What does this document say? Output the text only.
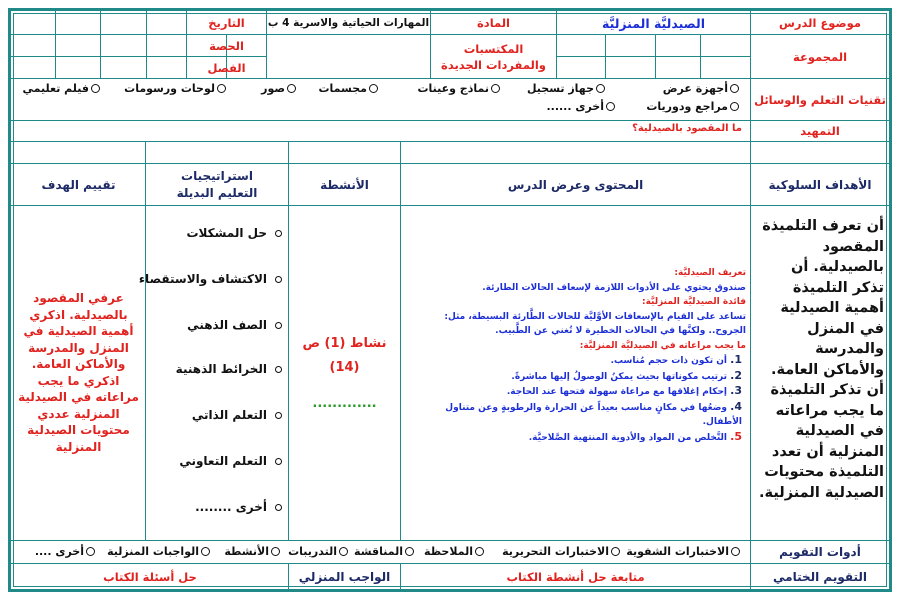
موضوع الدرس
الصيدليَّة المنزليَّة
المادة
المهارات الحياتية والاسرية 4 ب
التاريخ
المجموعة
المكتسبات والمفردات الجديدة
الحصة
الفصل
تقنيات التعلم والوسائل
أجهزة عرض
جهاز تسجيل
نماذج وعينات
مجسمات
صور
لوحات ورسومات
فيلم تعليمي
مراجع ودوريات
أخرى ......
التمهيد
ما المقصود بالصيدلية؟
الأهداف السلوكية
المحتوى وعرض الدرس
الأنشطة
استراتيجيات التعليم البديلة
تقييم الهدف
أن تعرف التلميذة المقصود بالصيدلية. أن تذكر التلميذة أهمية الصيدلية في المنزل والمدرسة والأماكن العامة. أن تذكر التلميذة ما يجب مراعاته في الصيدلية المنزلية أن تعدد التلميذة محتويات الصيدلية المنزلية.
تعريف الصيدليَّة:
صندوق يحتوي على الأدوات اللازمة لإسعاف الحالات الطارئة.
فائدة الصيدليَّة المنزليَّة:
تساعد على القيام بالإسعافات الأوَّليَّة للحالات الطَّارئة البسيطة، مثل: الجروح.. ولكنَّها في الحالات الخطيرة لا تُغني عن الطَّبيب.
ما يجب مراعاته في الصيدليَّة المنزليَّة:
1. أن تكون ذات حجم مُناسب.
2. ترتيب مكوناتها بحيث يمكنُ الوصولُ إليها مباشرةً.
3. إحكام إغلاقها مع مراعاة سهولة فتحها عند الحاجة.
4. وضعُها في مكانٍ مناسب بعيداً عن الحرارة والرطوبةٍ وعن متناول الأطفال.
5. التَّخلص من المواد والأدوية المنتهية الصَّلاحيَّة.
نشاط (1) ص
(14)
.............
حل المشكلات
الاكتشاف والاستقصاء
الصف الذهني
الخرائط الذهنية
التعلم الذاتي
التعلم التعاوني
أخرى ........
عرفي المقصود بالصيدلية. اذكري أهمية الصيدلية في المنزل والمدرسة والأماكن العامة. اذكري ما يجب مراعاته في الصيدلية المنزلية عددي محتويات الصيدلية المنزلية
أدوات التقويم
الاختبارات الشفوية
الاختبارات التحريرية
الملاحظة
المناقشة
التدريبات
الأنشطة
الواجبات المنزلية
أخرى ....
التقويم الختامي
متابعة حل أنشطة الكتاب
الواجب المنزلي
حل أسئلة الكتاب
